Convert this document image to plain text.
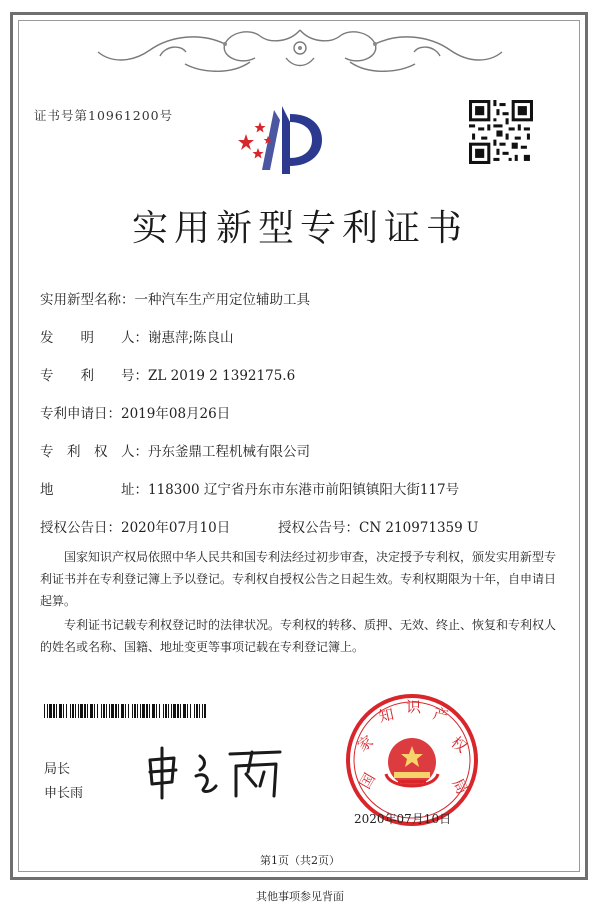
证书号第10961200号
实用新型专利证书
实用新型名称：一种汽车生产用定位辅助工具
发　　明　　人：谢惠萍;陈良山
专　　利　　号：ZL 2019 2 1392175.6
专利申请日：2019年08月26日
专　利　权　人：丹东釜鼎工程机械有限公司
地　　　　　址：118300 辽宁省丹东市东港市前阳镇镇阳大街117号
授权公告日：2020年07月10日	授权公告号：CN 210971359 U

国家知识产权局依照中华人民共和国专利法经过初步审查，决定授予专利权，颁发实用新型专利证书并在专利登记簿上予以登记。专利权自授权公告之日起生效。专利权期限为十年，自申请日起算。

专利证书记载专利权登记时的法律状况。专利权的转移、质押、无效、终止、恢复和专利权人的姓名或名称、国籍、地址变更等事项记载在专利登记簿上。

局长
申长雨
国
家
知 识 产
权
局
2020年07月10日
第1页（共2页）
其他事项参见背面
